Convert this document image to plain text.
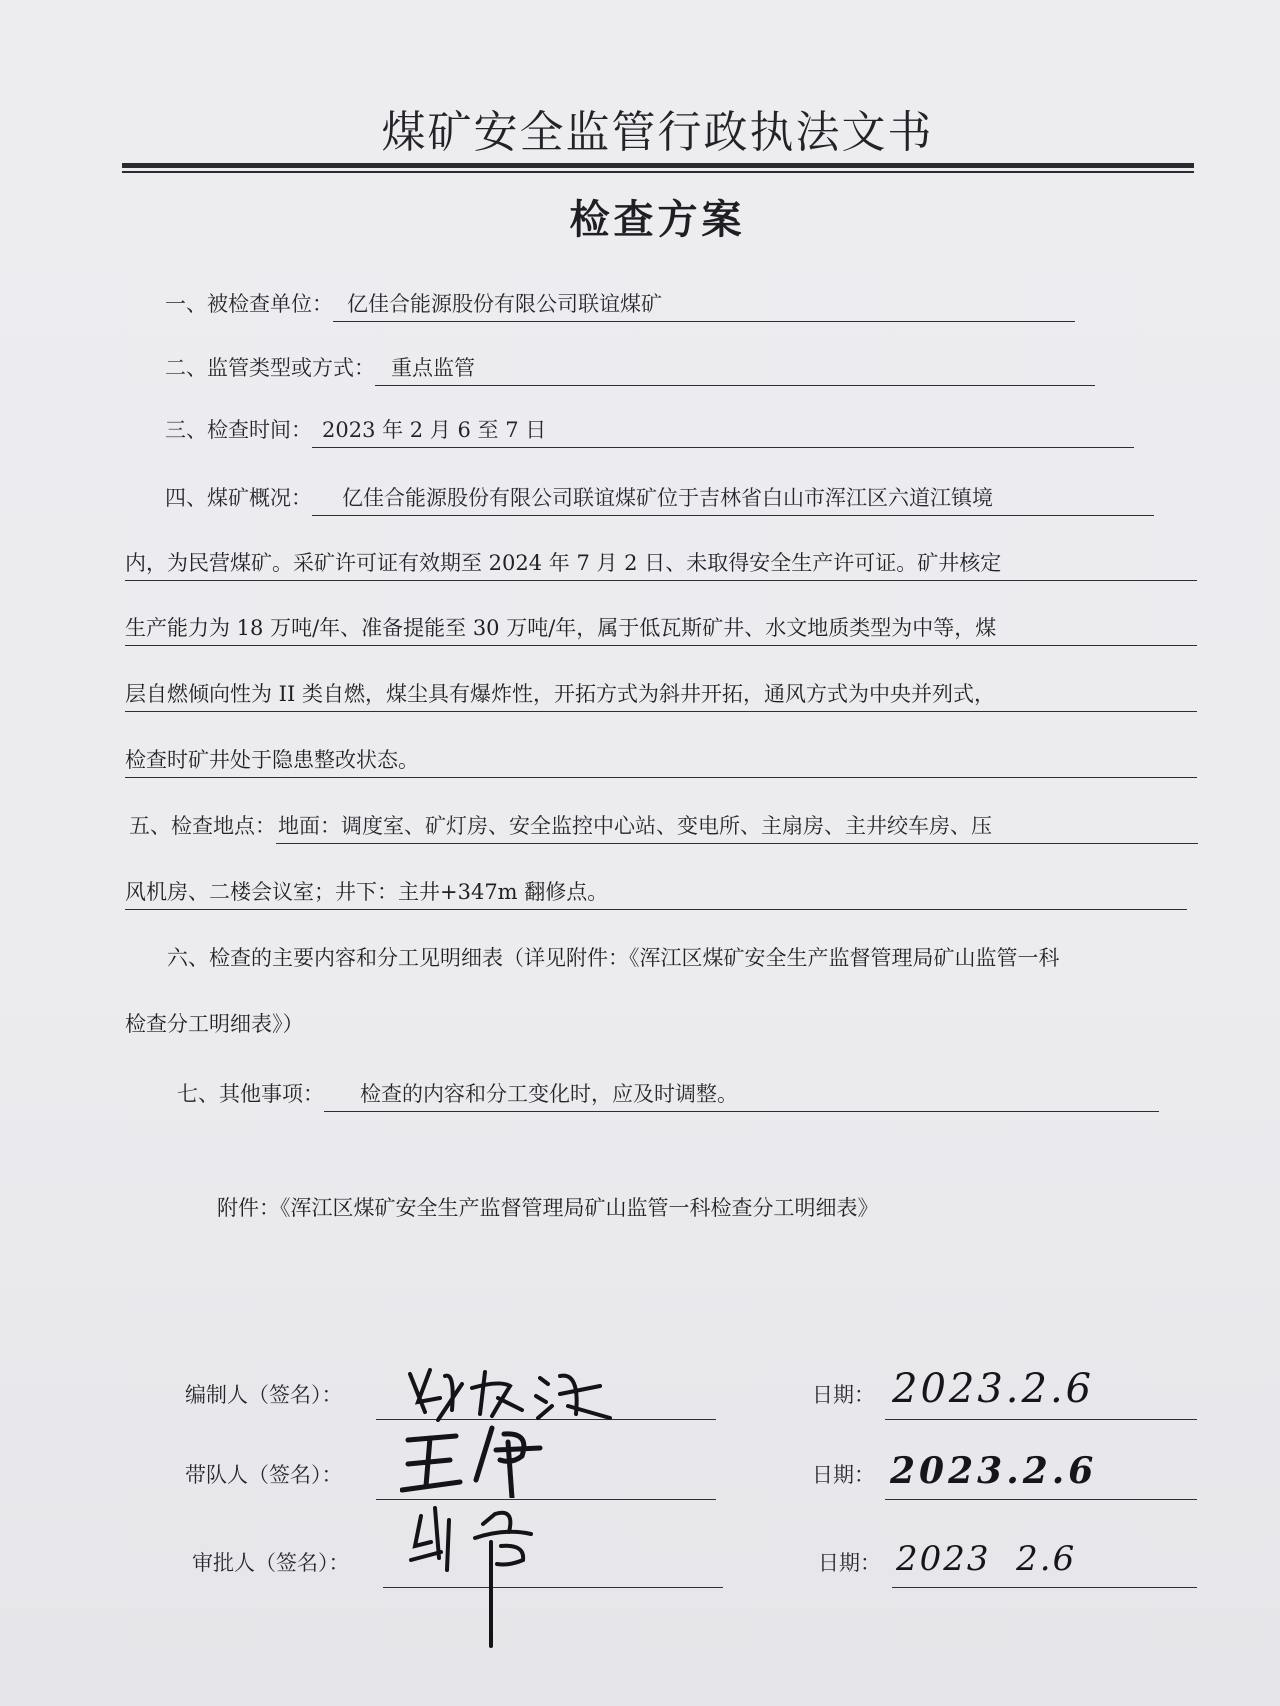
煤矿安全监管行政执法文书
检查方案
一、被检查单位： 亿佳合能源股份有限公司联谊煤矿
二、监管类型或方式： 重点监管
三、检查时间： 2023 年 2 月 6 至 7 日
四、煤矿概况： 亿佳合能源股份有限公司联谊煤矿位于吉林省白山市浑江区六道江镇境
内，为民营煤矿。采矿许可证有效期至 2024 年 7 月 2 日、未取得安全生产许可证。矿井核定
生产能力为 18 万吨/年、准备提能至 30 万吨/年，属于低瓦斯矿井、水文地质类型为中等，煤
层自燃倾向性为 II 类自燃，煤尘具有爆炸性，开拓方式为斜井开拓，通风方式为中央并列式，
检查时矿井处于隐患整改状态。
五、检查地点：地面：调度室、矿灯房、安全监控中心站、变电所、主扇房、主井绞车房、压
风机房、二楼会议室；井下：主井+347m 翻修点。
六、检查的主要内容和分工见明细表（详见附件：《浑江区煤矿安全生产监督管理局矿山监管一科
检查分工明细表》）
七、其他事项： 检查的内容和分工变化时，应及时调整。
附件：《浑江区煤矿安全生产监督管理局矿山监管一科检查分工明细表》
编制人（签名）：	日期： 2023.2.6
带队人（签名）：	日期： 2023.2.6
审批人（签名）：	日期： 2023  2.6
